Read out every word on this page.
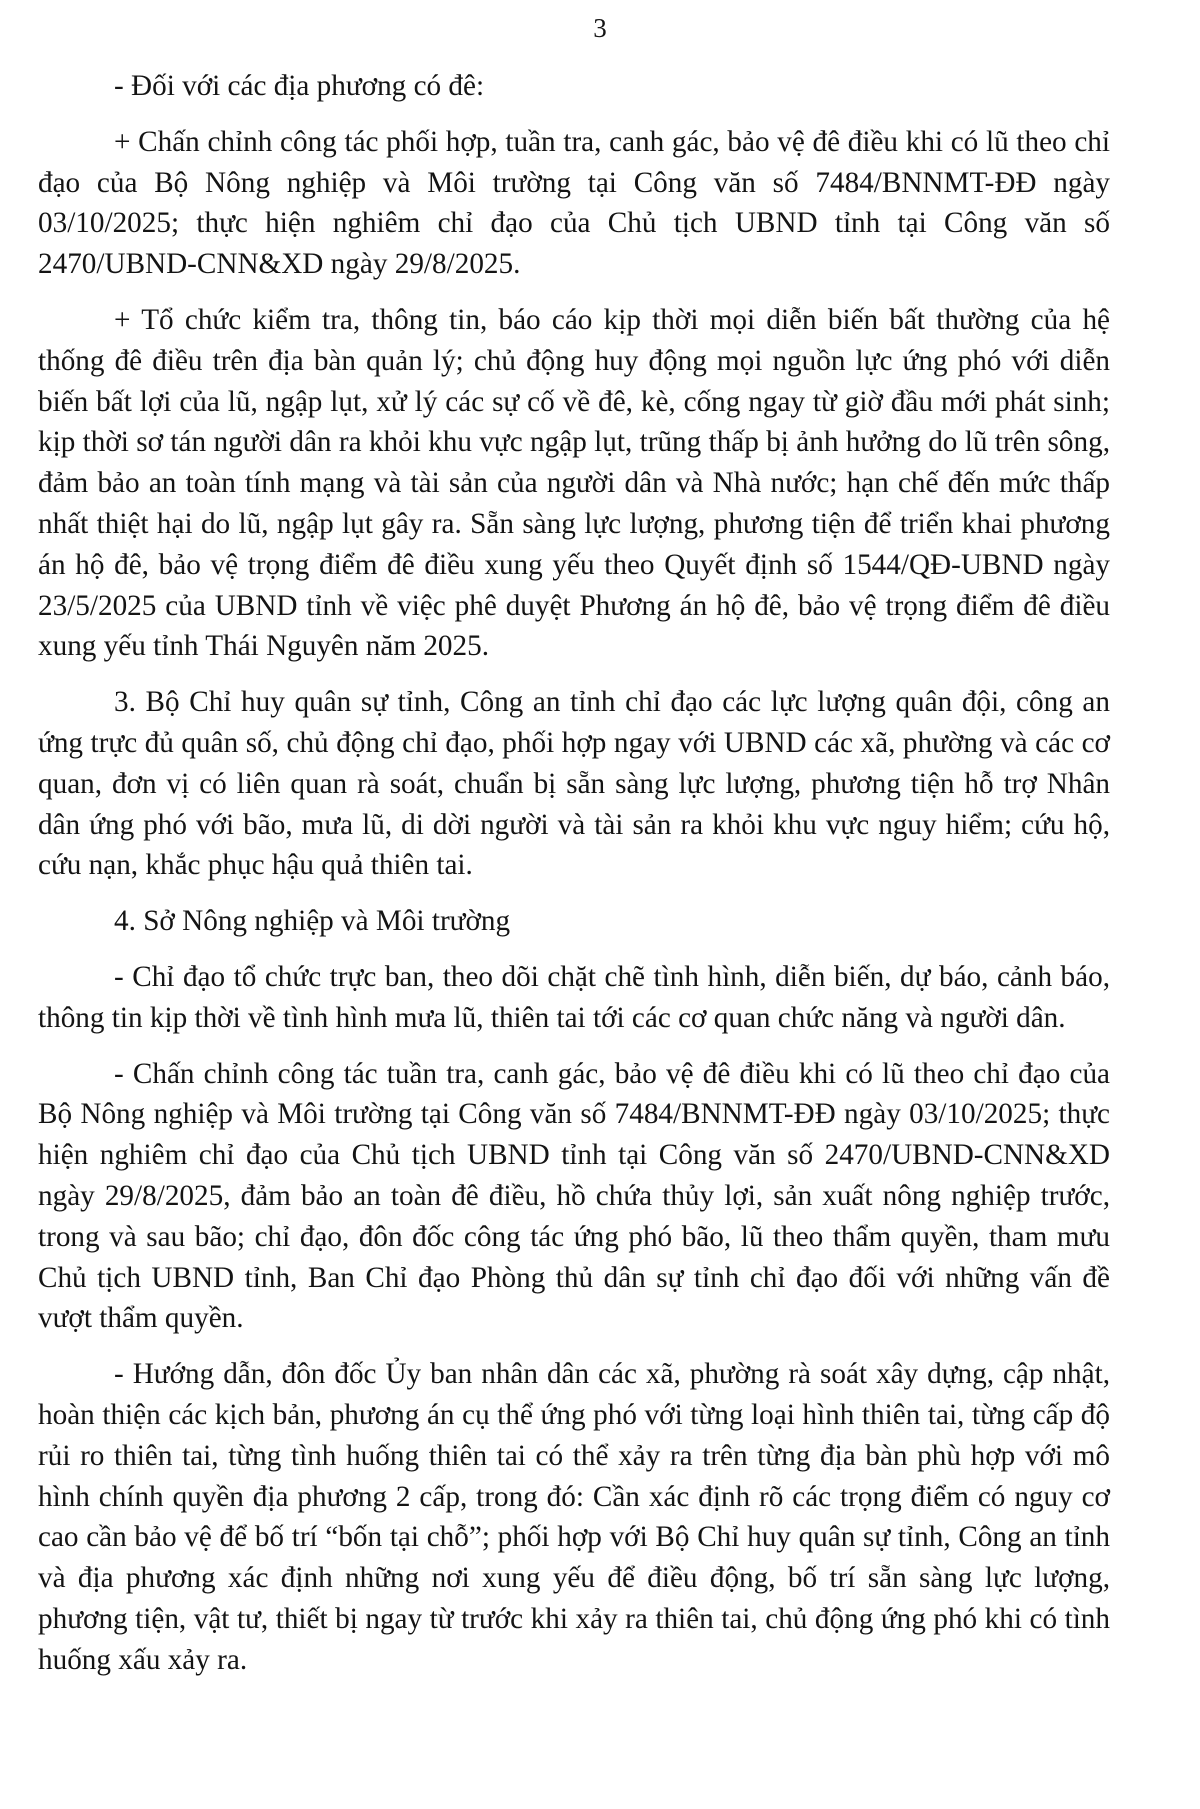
3

- Đối với các địa phương có đê:

+ Chấn chỉnh công tác phối hợp, tuần tra, canh gác, bảo vệ đê điều khi có lũ theo chỉ đạo của Bộ Nông nghiệp và Môi trường tại Công văn số 7484/BNNMT-ĐĐ ngày 03/10/2025; thực hiện nghiêm chỉ đạo của Chủ tịch UBND tỉnh tại Công văn số 2470/UBND-CNN&XD ngày 29/8/2025.

+ Tổ chức kiểm tra, thông tin, báo cáo kịp thời mọi diễn biến bất thường của hệ thống đê điều trên địa bàn quản lý; chủ động huy động mọi nguồn lực ứng phó với diễn biến bất lợi của lũ, ngập lụt, xử lý các sự cố về đê, kè, cống ngay từ giờ đầu mới phát sinh; kịp thời sơ tán người dân ra khỏi khu vực ngập lụt, trũng thấp bị ảnh hưởng do lũ trên sông, đảm bảo an toàn tính mạng và tài sản của người dân và Nhà nước; hạn chế đến mức thấp nhất thiệt hại do lũ, ngập lụt gây ra. Sẵn sàng lực lượng, phương tiện để triển khai phương án hộ đê, bảo vệ trọng điểm đê điều xung yếu theo Quyết định số 1544/QĐ-UBND ngày 23/5/2025 của UBND tỉnh về việc phê duyệt Phương án hộ đê, bảo vệ trọng điểm đê điều xung yếu tỉnh Thái Nguyên năm 2025.

3. Bộ Chỉ huy quân sự tỉnh, Công an tỉnh chỉ đạo các lực lượng quân đội, công an ứng trực đủ quân số, chủ động chỉ đạo, phối hợp ngay với UBND các xã, phường và các cơ quan, đơn vị có liên quan rà soát, chuẩn bị sẵn sàng lực lượng, phương tiện hỗ trợ Nhân dân ứng phó với bão, mưa lũ, di dời người và tài sản ra khỏi khu vực nguy hiểm; cứu hộ, cứu nạn, khắc phục hậu quả thiên tai.

4. Sở Nông nghiệp và Môi trường

- Chỉ đạo tổ chức trực ban, theo dõi chặt chẽ tình hình, diễn biến, dự báo, cảnh báo, thông tin kịp thời về tình hình mưa lũ, thiên tai tới các cơ quan chức năng và người dân.

- Chấn chỉnh công tác tuần tra, canh gác, bảo vệ đê điều khi có lũ theo chỉ đạo của Bộ Nông nghiệp và Môi trường tại Công văn số 7484/BNNMT-ĐĐ ngày 03/10/2025; thực hiện nghiêm chỉ đạo của Chủ tịch UBND tỉnh tại Công văn số 2470/UBND-CNN&XD ngày 29/8/2025, đảm bảo an toàn đê điều, hồ chứa thủy lợi, sản xuất nông nghiệp trước, trong và sau bão; chỉ đạo, đôn đốc công tác ứng phó bão, lũ theo thẩm quyền, tham mưu Chủ tịch UBND tỉnh, Ban Chỉ đạo Phòng thủ dân sự tỉnh chỉ đạo đối với những vấn đề vượt thẩm quyền.

- Hướng dẫn, đôn đốc Ủy ban nhân dân các xã, phường rà soát xây dựng, cập nhật, hoàn thiện các kịch bản, phương án cụ thể ứng phó với từng loại hình thiên tai, từng cấp độ rủi ro thiên tai, từng tình huống thiên tai có thể xảy ra trên từng địa bàn phù hợp với mô hình chính quyền địa phương 2 cấp, trong đó: Cần xác định rõ các trọng điểm có nguy cơ cao cần bảo vệ để bố trí “bốn tại chỗ”; phối hợp với Bộ Chỉ huy quân sự tỉnh, Công an tỉnh và địa phương xác định những nơi xung yếu để điều động, bố trí sẵn sàng lực lượng, phương tiện, vật tư, thiết bị ngay từ trước khi xảy ra thiên tai, chủ động ứng phó khi có tình huống xấu xảy ra.
